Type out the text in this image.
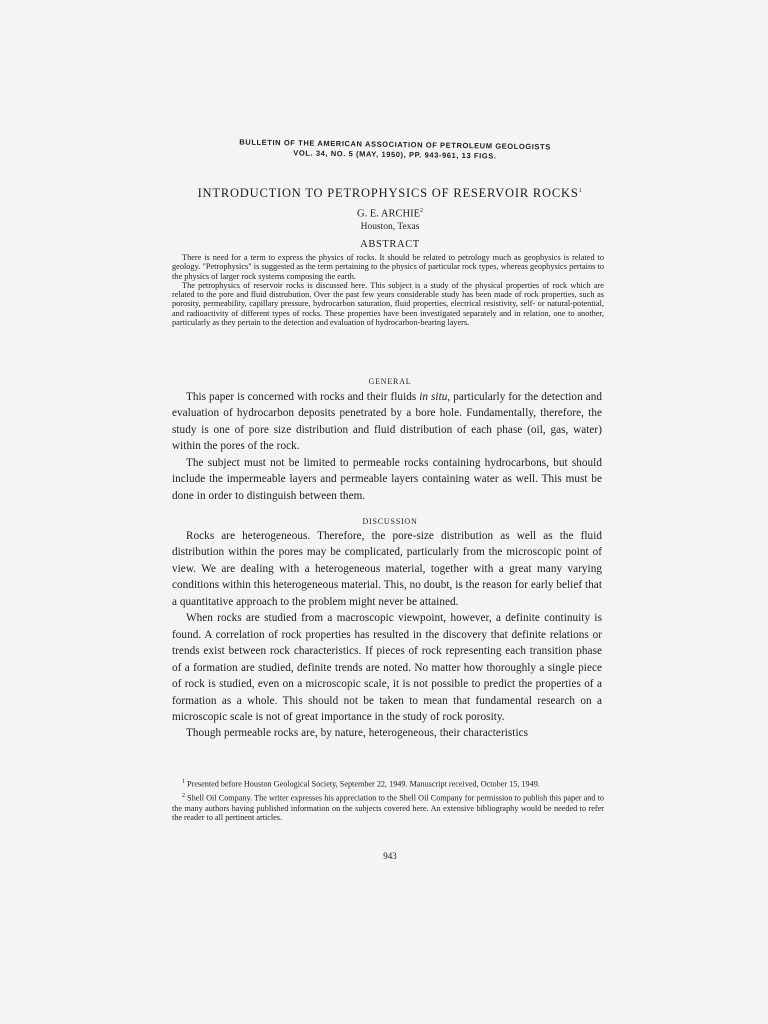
BULLETIN OF THE AMERICAN ASSOCIATION OF PETROLEUM GEOLOGISTS
VOL. 34, NO. 5 (MAY, 1950), PP. 943-961, 13 FIGS.
INTRODUCTION TO PETROPHYSICS OF RESERVOIR ROCKS$^1$
G. E. ARCHIE$^2$
Houston, Texas
ABSTRACT

There is need for a term to express the physics of rocks. It should be related to petrology much as geophysics is related to geology. "Petrophysics" is suggested as the term pertaining to the physics of particular rock types, whereas geophysics pertains to the physics of larger rock systems composing the earth.

The petrophysics of reservoir rocks is discussed here. This subject is a study of the physical properties of rock which are related to the pore and fluid distrubution. Over the past few years considerable study has been made of rock properties, such as porosity, permeability, capillary pressure, hydrocarbon saturation, fluid properties, electrical resistivity, self- or natural-potential, and radioactivity of different types of rocks. These properties have been investigated separately and in relation, one to another, particularly as they pertain to the detection and evaluation of hydrocarbon-bearing layers.

GENERAL

This paper is concerned with rocks and their fluids in situ, particularly for the detection and evaluation of hydrocarbon deposits penetrated by a bore hole. Fundamentally, therefore, the study is one of pore size distribution and fluid distribution of each phase (oil, gas, water) within the pores of the rock.

The subject must not be limited to permeable rocks containing hydrocarbons, but should include the impermeable layers and permeable layers containing water as well. This must be done in order to distinguish between them.

DISCUSSION

Rocks are heterogeneous. Therefore, the pore-size distribution as well as the fluid distribution within the pores may be complicated, particularly from the microscopic point of view. We are dealing with a heterogeneous material, together with a great many varying conditions within this heterogeneous material. This, no doubt, is the reason for early belief that a quantitative approach to the problem might never be attained.

When rocks are studied from a macroscopic viewpoint, however, a definite continuity is found. A correlation of rock properties has resulted in the discovery that definite relations or trends exist between rock characteristics. If pieces of rock representing each transition phase of a formation are studied, definite trends are noted. No matter how thoroughly a single piece of rock is studied, even on a microscopic scale, it is not possible to predict the properties of a formation as a whole. This should not be taken to mean that fundamental research on a microscopic scale is not of great importance in the study of rock porosity.

Though permeable rocks are, by nature, heterogeneous, their characteristics

$^1$ Presented before Houston Geological Society, September 22, 1949. Manuscript received, October 15, 1949.

$^2$ Shell Oil Company. The writer expresses his appreciation to the Shell Oil Company for permission to publish this paper and to the many authors having published information on the subjects covered here. An extensive bibliography would be needed to refer the reader to all pertinent articles.

943
